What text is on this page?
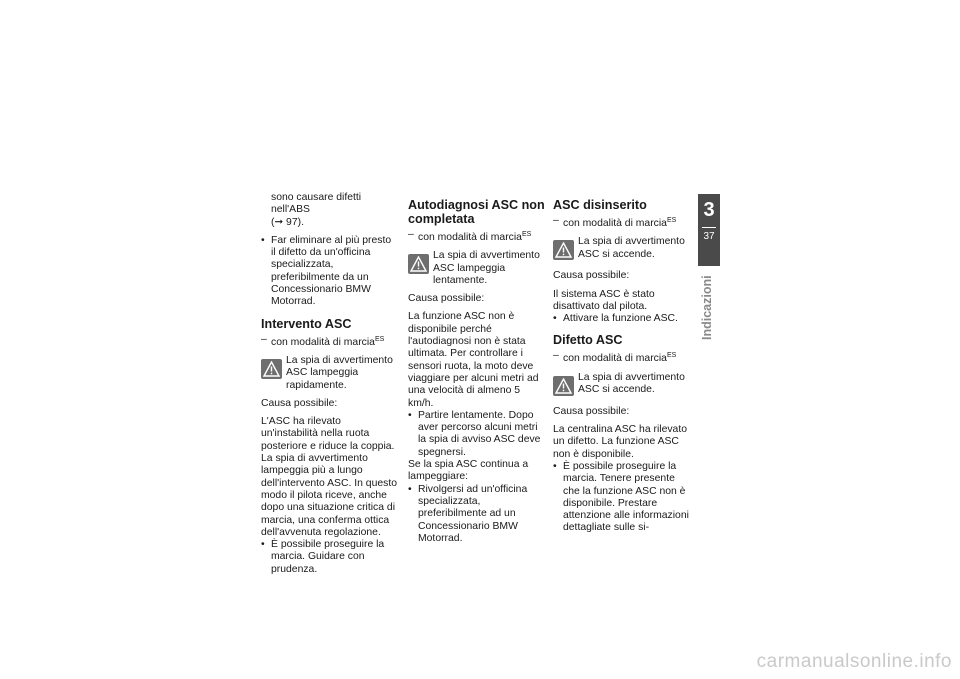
sono causare difetti nell'ABS
(➞ 97).

• Far eliminare al più presto il difetto da un'officina specializzata, preferibilmente da un Concessionario BMW Motorrad.
Intervento ASC
– con modalità di marcia$^{ES}$
La spia di avvertimento ASC lampeggia rapidamente.

Causa possibile:

L'ASC ha rilevato un'instabilità nella ruota posteriore e riduce la coppia.

La spia di avvertimento lampeggia più a lungo dell'intervento ASC. In questo modo il pilota riceve, anche dopo una situazione critica di marcia, una conferma ottica dell'avvenuta regolazione.

• È possibile proseguire la marcia. Guidare con prudenza.
Autodiagnosi ASC non completata
– con modalità di marcia$^{ES}$
La spia di avvertimento ASC lampeggia lentamente.

Causa possibile:

La funzione ASC non è disponibile perché l'autodiagnosi non è stata ultimata. Per controllare i sensori ruota, la moto deve viaggiare per alcuni metri ad una velocità di almeno 5 km/h.

• Partire lentamente. Dopo aver percorso alcuni metri la spia di avviso ASC deve spegnersi.

Se la spia ASC continua a lampeggiare:

• Rivolgersi ad un'officina specializzata, preferibilmente ad un Concessionario BMW Motorrad.
ASC disinserito
– con modalità di marcia$^{ES}$
La spia di avvertimento ASC si accende.

Causa possibile:

Il sistema ASC è stato disattivato dal pilota.

• Attivare la funzione ASC.
Difetto ASC
– con modalità di marcia$^{ES}$
La spia di avvertimento ASC si accende.

Causa possibile:

La centralina ASC ha rilevato un difetto. La funzione ASC non è disponibile.

• È possibile proseguire la marcia. Tenere presente che la funzione ASC non è disponibile. Prestare attenzione alle informazioni dettagliate sulle si-
3
37
Indicazioni
carmanualsonline.info
